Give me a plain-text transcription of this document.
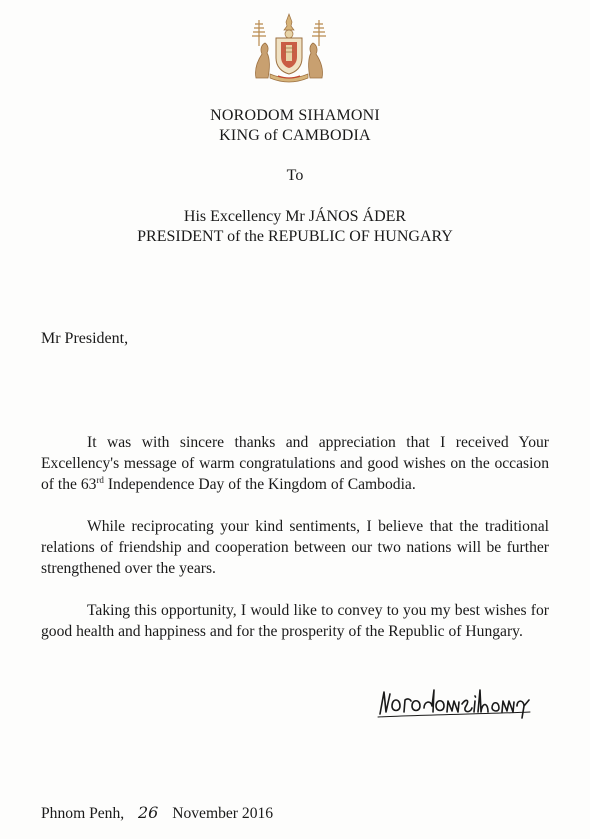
NORODOM SIHAMONI

KING of CAMBODIA

To

His Excellency Mr JÁNOS ÁDER

PRESIDENT of the REPUBLIC OF HUNGARY

Mr President,

It was with sincere thanks and appreciation that I received Your Excellency's message of warm congratulations and good wishes on the occasion of the 63rd Independence Day of the Kingdom of Cambodia.

While reciprocating your kind sentiments, I believe that the traditional relations of friendship and cooperation between our two nations will be further strengthened over the years.

Taking this opportunity, I would like to convey to you my best wishes for good health and happiness and for the prosperity of the Republic of Hungary.

Phnom Penh, 26 November 2016
